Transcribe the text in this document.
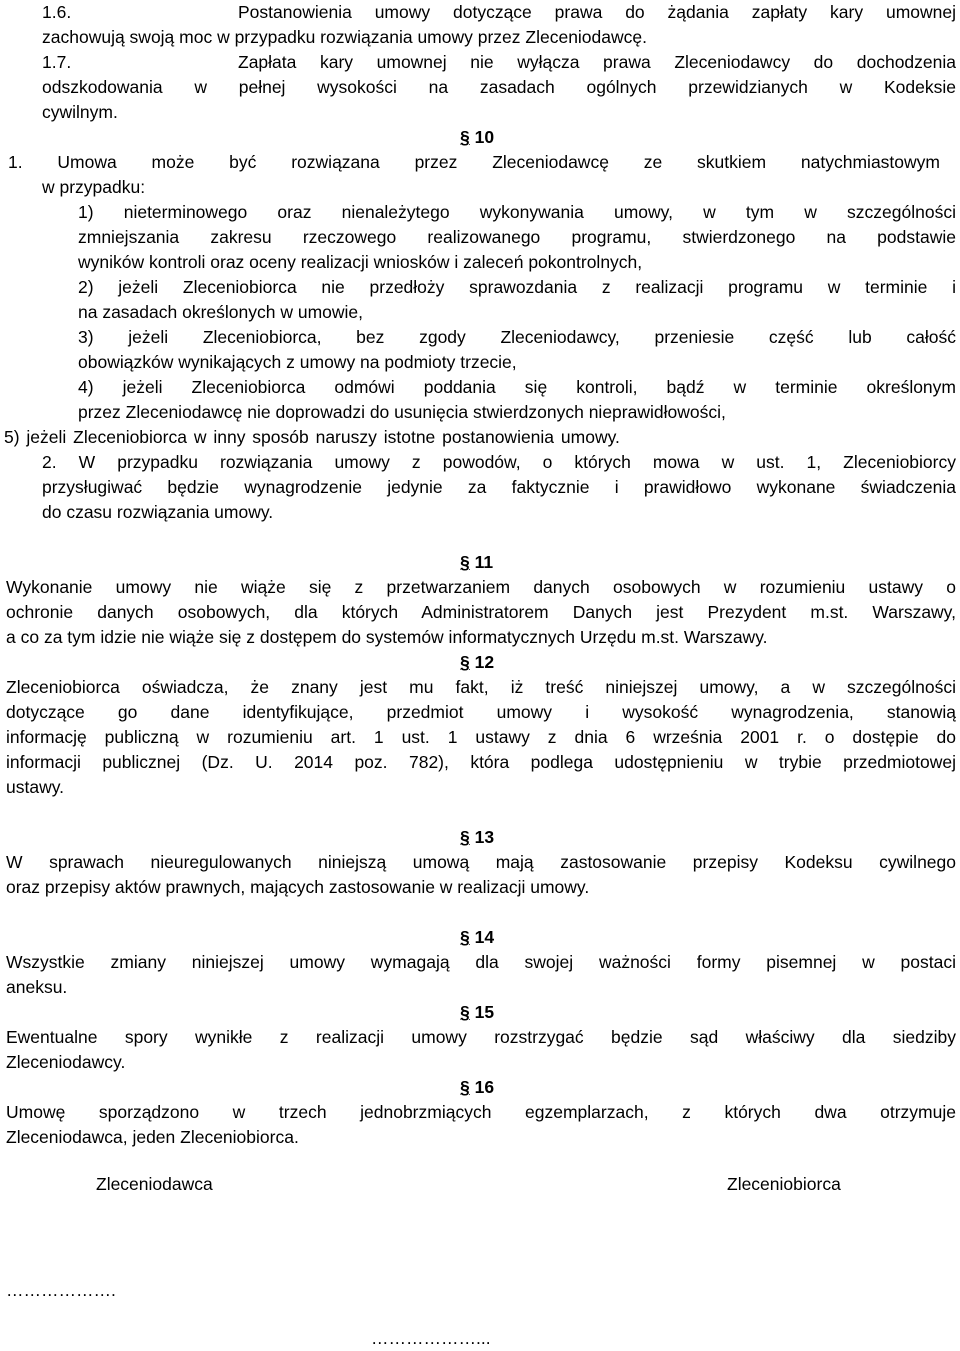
1.6.	Postanowienia umowy dotyczące prawa do żądania zapłaty kary umownej
zachowują swoją moc w przypadku rozwiązania umowy przez Zleceniodawcę.
1.7.	Zapłata kary umownej nie wyłącza prawa Zleceniodawcy do dochodzenia
odszkodowania w pełnej wysokości na zasadach ogólnych przewidzianych w Kodeksie
cywilnym.
§ 10
1. Umowa może być rozwiązana przez Zleceniodawcę ze skutkiem natychmiastowym
w przypadku:
1) nieterminowego oraz nienależytego wykonywania umowy, w tym w szczególności
zmniejszania zakresu rzeczowego realizowanego programu, stwierdzonego na podstawie
wyników kontroli oraz oceny realizacji wniosków i zaleceń pokontrolnych,
2) jeżeli Zleceniobiorca nie przedłoży sprawozdania z realizacji programu w terminie i
na zasadach określonych w umowie,
3) jeżeli Zleceniobiorca, bez zgody Zleceniodawcy, przeniesie część lub całość
obowiązków wynikających z umowy na podmioty trzecie,
4) jeżeli Zleceniobiorca odmówi poddania się kontroli, bądź w terminie określonym
przez Zleceniodawcę nie doprowadzi do usunięcia stwierdzonych nieprawidłowości,
5) jeżeli Zleceniobiorca w inny sposób naruszy istotne postanowienia umowy.
2. W przypadku rozwiązania umowy z powodów, o których mowa w ust. 1, Zleceniobiorcy
przysługiwać będzie wynagrodzenie jedynie za faktycznie i prawidłowo wykonane świadczenia
do czasu rozwiązania umowy.
§ 11
Wykonanie umowy nie wiąże się z przetwarzaniem danych osobowych w rozumieniu ustawy o
ochronie danych osobowych, dla których Administratorem Danych jest Prezydent m.st. Warszawy,
a co za tym idzie nie wiąże się z dostępem do systemów informatycznych Urzędu m.st. Warszawy.
§ 12
Zleceniobiorca oświadcza, że znany jest mu fakt, iż treść niniejszej umowy, a w szczególności
dotyczące go dane identyfikujące, przedmiot umowy i wysokość wynagrodzenia, stanowią
informację publiczną w rozumieniu art. 1 ust. 1 ustawy z dnia 6 września 2001 r. o dostępie do
informacji publicznej (Dz. U. 2014 poz. 782), która podlega udostępnieniu w trybie przedmiotowej
ustawy.
§ 13
W sprawach nieuregulowanych niniejszą umową mają zastosowanie przepisy Kodeksu cywilnego
oraz przepisy aktów prawnych, mających zastosowanie w realizacji umowy.
§ 14
Wszystkie zmiany niniejszej umowy wymagają dla swojej ważności formy pisemnej w postaci
aneksu.
§ 15
Ewentualne spory wynikłe z realizacji umowy rozstrzygać będzie sąd właściwy dla siedziby
Zleceniodawcy.
§ 16
Umowę sporządzono w trzech jednobrzmiących egzemplarzach, z których dwa otrzymuje
Zleceniodawca, jeden Zleceniobiorca.
Zleceniodawca	Zleceniobiorca
……………….
………………...
